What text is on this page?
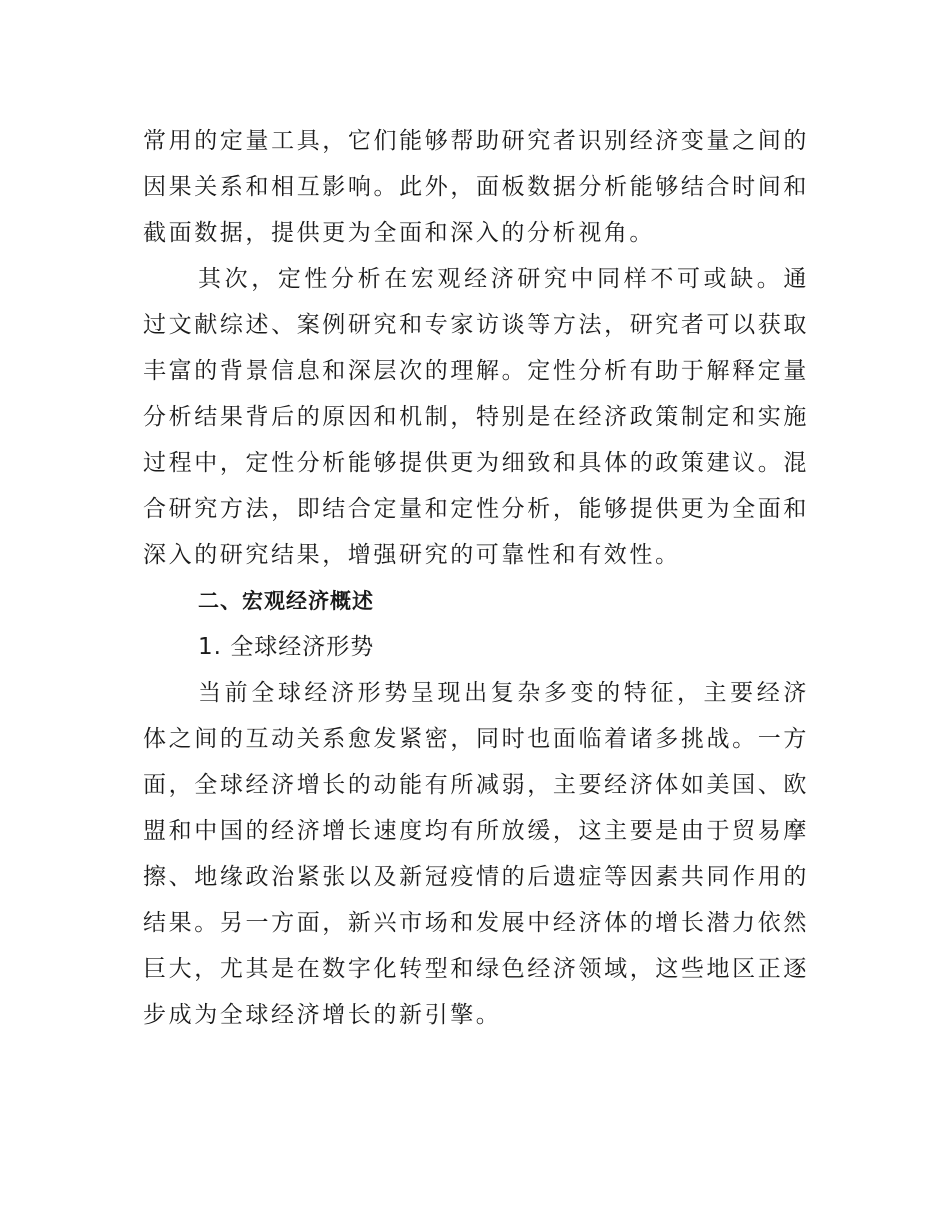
常用的定量工具，它们能够帮助研究者识别经济变量之间的因果关系和相互影响。此外，面板数据分析能够结合时间和截面数据，提供更为全面和深入的分析视角。

其次，定性分析在宏观经济研究中同样不可或缺。通过文献综述、案例研究和专家访谈等方法，研究者可以获取丰富的背景信息和深层次的理解。定性分析有助于解释定量分析结果背后的原因和机制，特别是在经济政策制定和实施过程中，定性分析能够提供更为细致和具体的政策建议。混合研究方法，即结合定量和定性分析，能够提供更为全面和深入的研究结果，增强研究的可靠性和有效性。

二、宏观经济概述
1. 全球经济形势

当前全球经济形势呈现出复杂多变的特征，主要经济体之间的互动关系愈发紧密，同时也面临着诸多挑战。一方面，全球经济增长的动能有所减弱，主要经济体如美国、欧盟和中国的经济增长速度均有所放缓，这主要是由于贸易摩擦、地缘政治紧张以及新冠疫情的后遗症等因素共同作用的结果。另一方面，新兴市场和发展中经济体的增长潜力依然巨大，尤其是在数字化转型和绿色经济领域，这些地区正逐步成为全球经济增长的新引擎。
